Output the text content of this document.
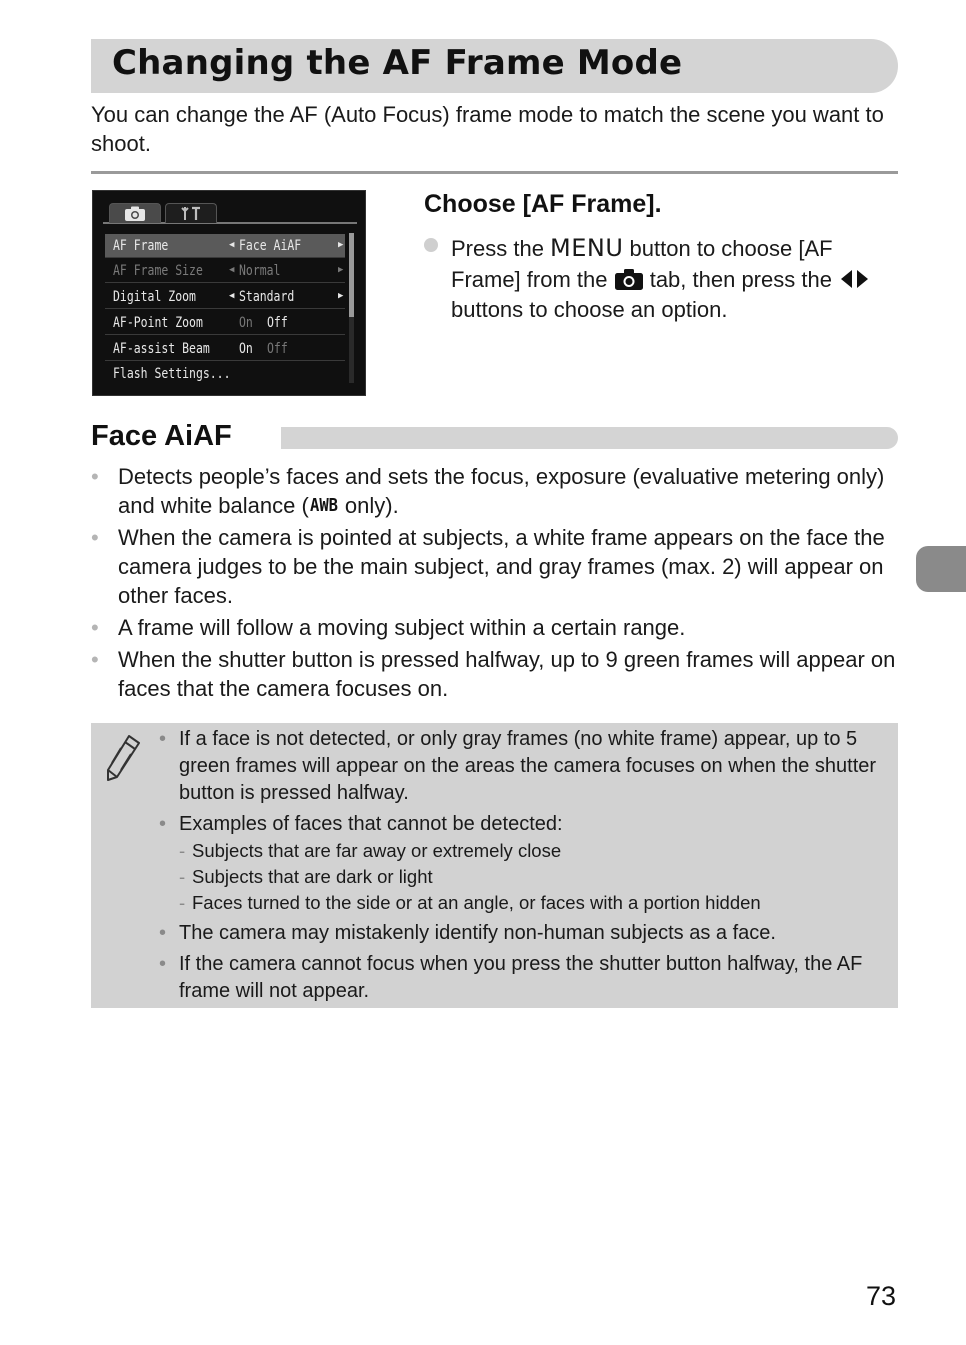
Changing the AF Frame Mode

You can change the AF (Auto Focus) frame mode to match the scene you want to shoot.

AF Frame	◀ Face AiAF	▶
AF Frame Size	◀ Normal	▶
Digital Zoom	◀ Standard	▶
AF-Point Zoom	On Off
AF-assist Beam On Off
Flash Settings...
Choose [AF Frame].
Press the MENU button to choose [AF Frame] from the  tab, then press the  buttons to choose an option.
Face AiAF
• Detects people’s faces and sets the focus, exposure (evaluative metering only) and white balance ( AWB only).
• When the camera is pointed at subjects, a white frame appears on the face the camera judges to be the main subject, and gray frames (max. 2) will appear on other faces.
• A frame will follow a moving subject within a certain range.
• When the shutter button is pressed halfway, up to 9 green frames will appear on faces that the camera focuses on.
• If a face is not detected, or only gray frames (no white frame) appear, up to 5 green frames will appear on the areas the camera focuses on when the shutter button is pressed halfway.
• Examples of faces that cannot be detected:
- Subjects that are far away or extremely close
- Subjects that are dark or light
- Faces turned to the side or at an angle, or faces with a portion hidden
• The camera may mistakenly identify non-human subjects as a face.
• If the camera cannot focus when you press the shutter button halfway, the AF frame will not appear.
73
